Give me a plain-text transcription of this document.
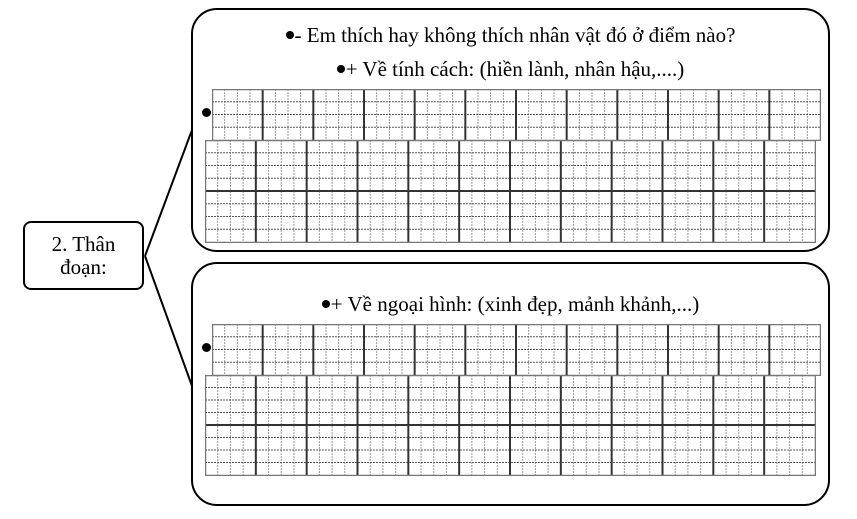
2. Thân
đoạn:
- Em thích hay không thích nhân vật đó ở điểm nào?
+ Về tính cách: (hiền lành, nhân hậu,....)
+ Về ngoại hình: (xinh đẹp, mảnh khảnh,...)
